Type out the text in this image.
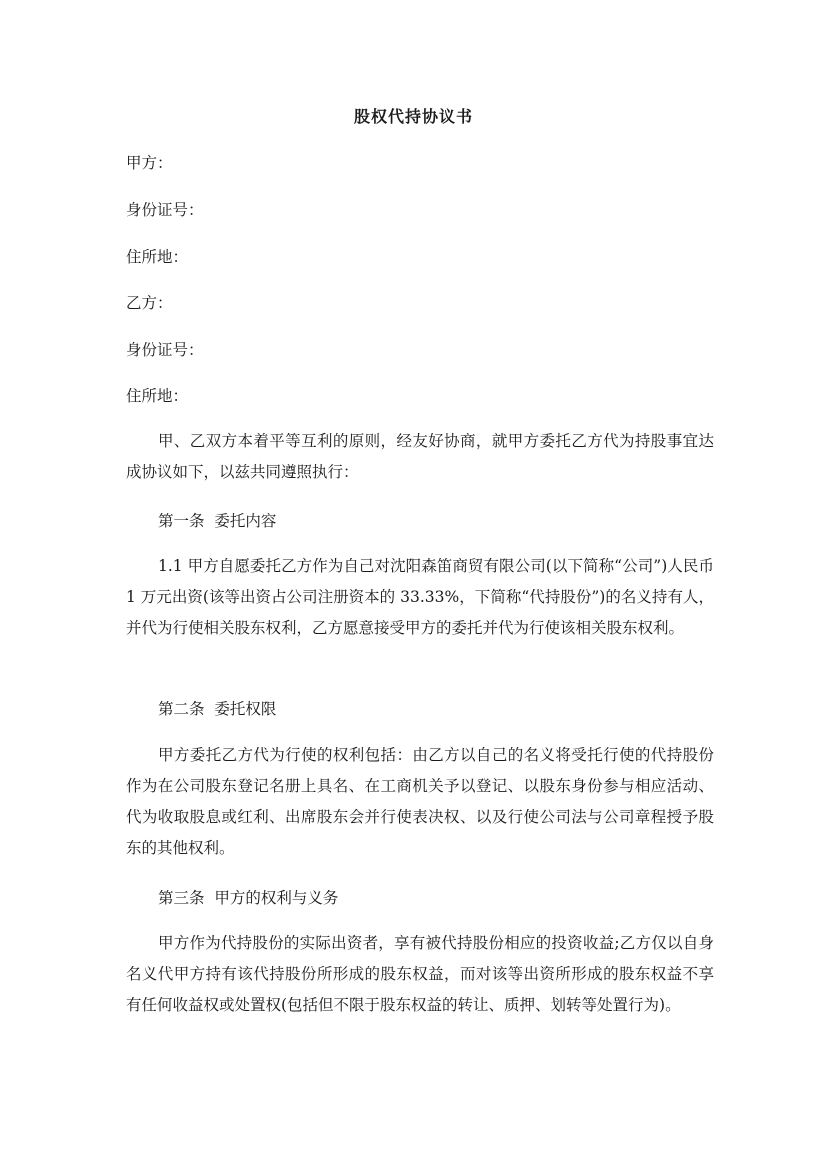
股权代持协议书
甲方：
身份证号：
住所地：
乙方：
身份证号：
住所地：

甲、乙双方本着平等互利的原则，经友好协商，就甲方委托乙方代为持股事宜达成协议如下，以兹共同遵照执行：

第一条  委托内容

1.1 甲方自愿委托乙方作为自己对沈阳森笛商贸有限公司(以下简称“公司”)人民币 1 万元出资(该等出资占公司注册资本的 33.33%，下简称“代持股份”)的名义持有人，并代为行使相关股东权利，乙方愿意接受甲方的委托并代为行使该相关股东权利。

第二条  委托权限

甲方委托乙方代为行使的权利包括：由乙方以自己的名义将受托行使的代持股份作为在公司股东登记名册上具名、在工商机关予以登记、以股东身份参与相应活动、代为收取股息或红利、出席股东会并行使表决权、以及行使公司法与公司章程授予股东的其他权利。

第三条  甲方的权利与义务

甲方作为代持股份的实际出资者，享有被代持股份相应的投资收益;乙方仅以自身名义代甲方持有该代持股份所形成的股东权益，而对该等出资所形成的股东权益不享有任何收益权或处置权(包括但不限于股东权益的转让、质押、划转等处置行为)。
